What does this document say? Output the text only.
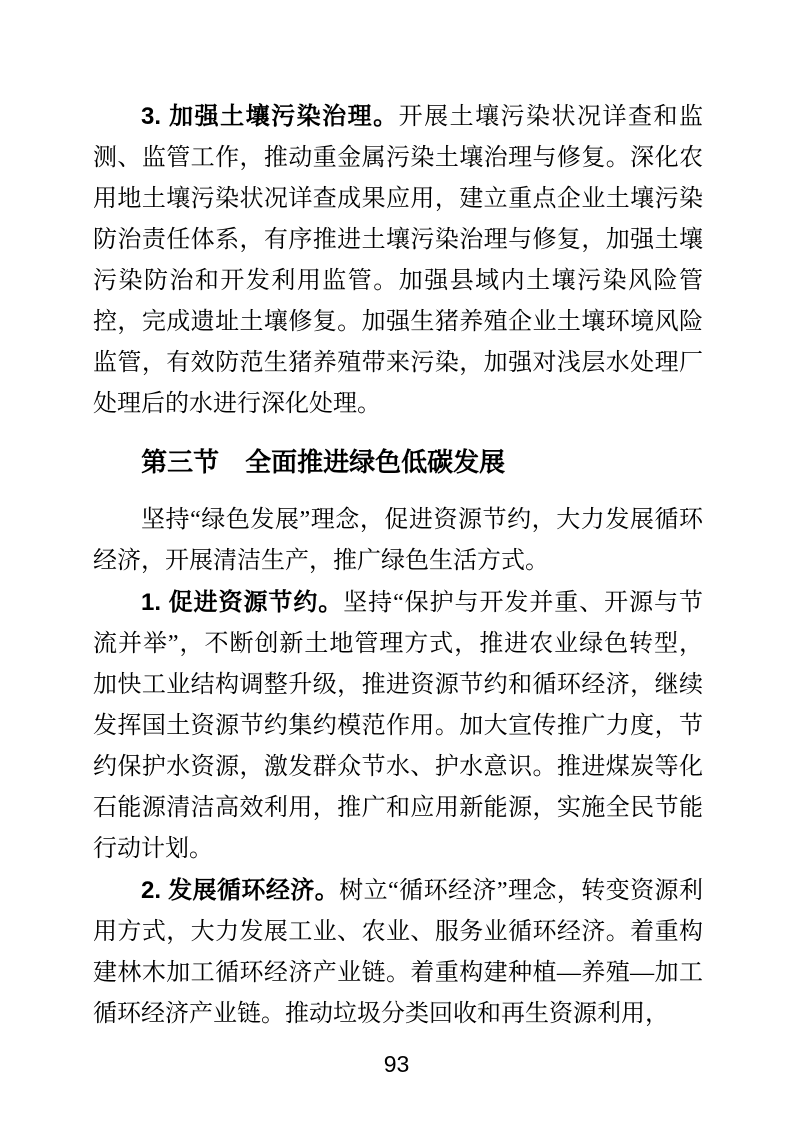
3. 加强土壤污染治理。开展土壤污染状况详查和监测、监管工作，推动重金属污染土壤治理与修复。深化农用地土壤污染状况详查成果应用，建立重点企业土壤污染防治责任体系，有序推进土壤污染治理与修复，加强土壤污染防治和开发利用监管。加强县域内土壤污染风险管控，完成遗址土壤修复。加强生猪养殖企业土壤环境风险监管，有效防范生猪养殖带来污染，加强对浅层水处理厂处理后的水进行深化处理。

第三节　全面推进绿色低碳发展

坚持“绿色发展”理念，促进资源节约，大力发展循环经济，开展清洁生产，推广绿色生活方式。

1. 促进资源节约。坚持“保护与开发并重、开源与节流并举”，不断创新土地管理方式，推进农业绿色转型，加快工业结构调整升级，推进资源节约和循环经济，继续发挥国土资源节约集约模范作用。加大宣传推广力度，节约保护水资源，激发群众节水、护水意识。推进煤炭等化石能源清洁高效利用，推广和应用新能源，实施全民节能行动计划。

2. 发展循环经济。树立“循环经济”理念，转变资源利用方式，大力发展工业、农业、服务业循环经济。着重构建林木加工循环经济产业链。着重构建种植—养殖—加工循环经济产业链。推动垃圾分类回收和再生资源利用，

93
